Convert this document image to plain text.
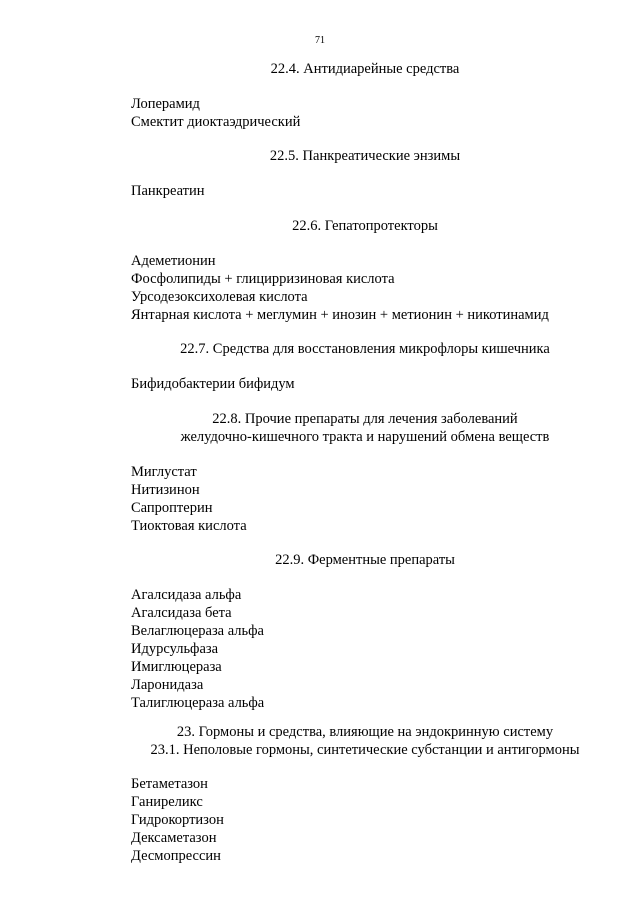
71
22.4. Антидиарейные средства
Лоперамид
Смектит диоктаэдрический
22.5. Панкреатические энзимы
Панкреатин
22.6. Гепатопротекторы
Адеметионин
Фосфолипиды + глицирризиновая кислота
Урсодезоксихолевая кислота
Янтарная кислота + меглумин + инозин + метионин + никотинамид
22.7. Средства для восстановления микрофлоры кишечника
Бифидобактерии бифидум
22.8. Прочие препараты для лечения заболеваний
желудочно-кишечного тракта и нарушений обмена веществ
Миглустат
Нитизинон
Сапроптерин
Тиоктовая кислота
22.9. Ферментные препараты
Агалсидаза альфа
Агалсидаза бета
Велаглюцераза альфа
Идурсульфаза
Имиглюцераза
Ларонидаза
Талиглюцераза альфа
23. Гормоны и средства, влияющие на эндокринную систему
23.1. Неполовые гормоны, синтетические субстанции и антигормоны
Бетаметазон
Ганиреликс
Гидрокортизон
Дексаметазон
Десмопрессин
